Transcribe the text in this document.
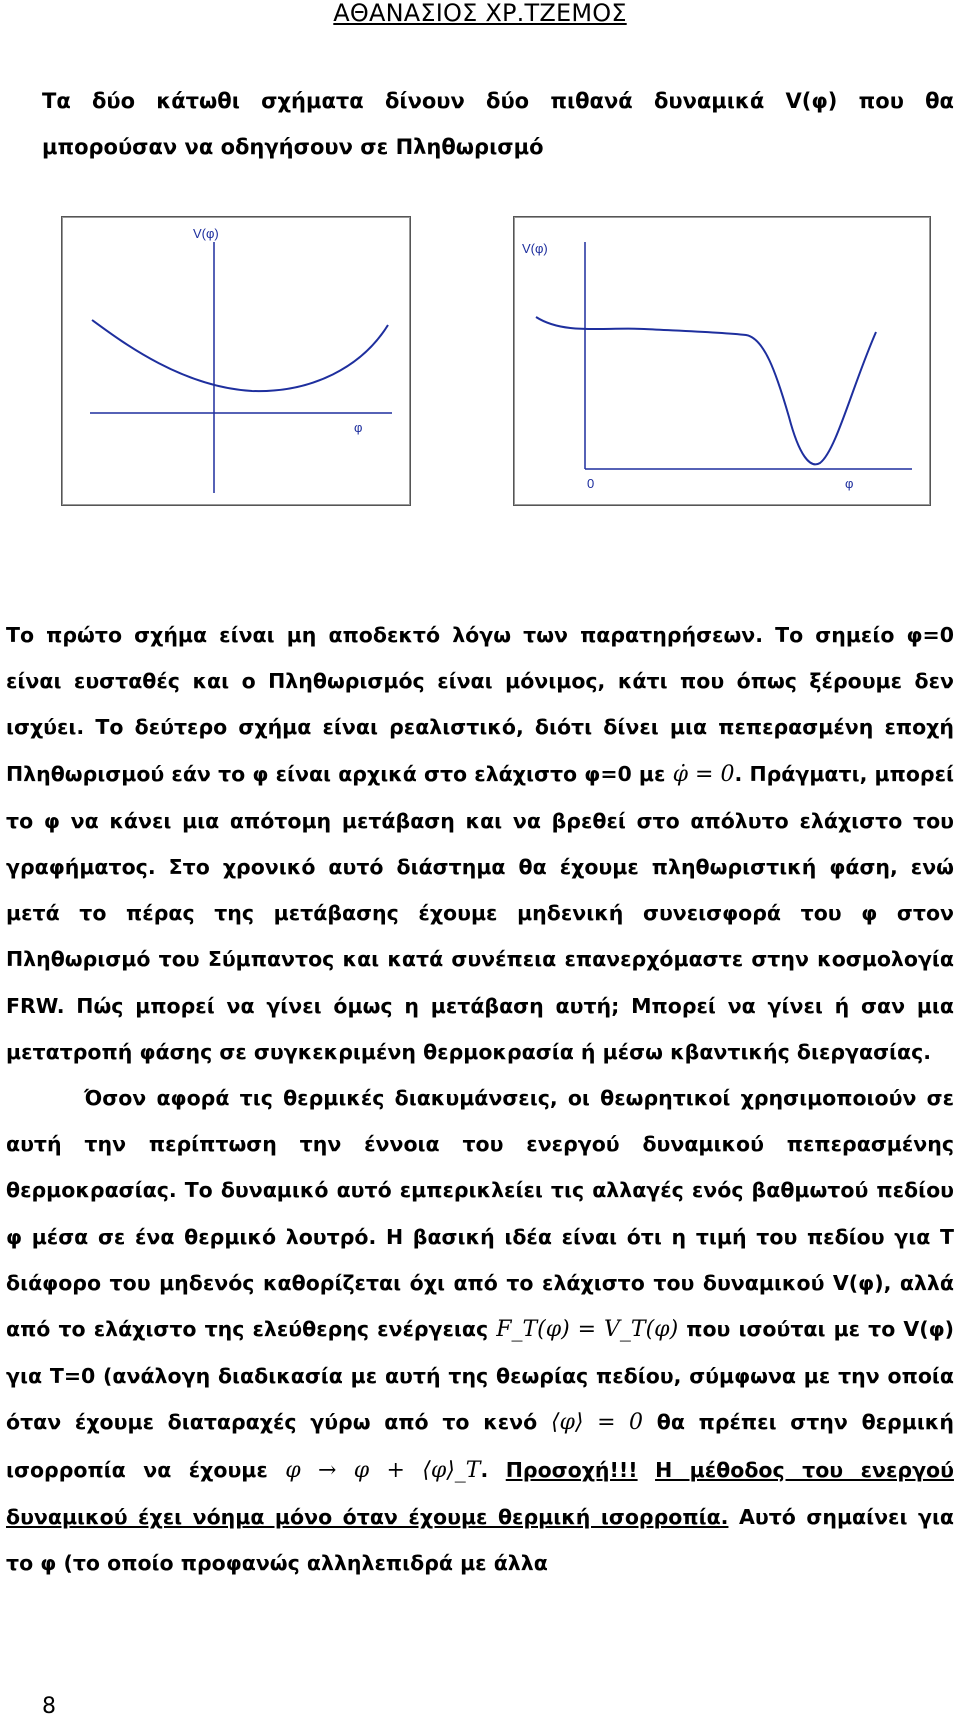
ΑΘΑΝΑΣΙΟΣ ΧΡ.ΤΖΕΜΟΣ
Τα δύο κάτωθι σχήματα δίνουν δύο πιθανά δυναμικά V(φ) που θα
μπορούσαν να οδηγήσουν σε Πληθωρισμό
V(φ)
φ
V(φ)
0	φ

Το πρώτο σχήμα είναι μη αποδεκτό λόγω των παρατηρήσεων. Το σημείο φ=0 είναι ευσταθές και ο Πληθωρισμός είναι μόνιμος, κάτι που όπως ξέρουμε δεν ισχύει. Το δεύτερο σχήμα είναι ρεαλιστικό, διότι δίνει μια πεπερασμένη εποχή Πληθωρισμού εάν το φ είναι αρχικά στο ελάχιστο φ=0 με φ̇ = 0. Πράγματι, μπορεί το φ να κάνει μια απότομη μετάβαση και να βρεθεί στο απόλυτο ελάχιστο του γραφήματος. Στο χρονικό αυτό διάστημα θα έχουμε πληθωριστική φάση, ενώ μετά το πέρας της μετάβασης έχουμε μηδενική συνεισφορά του φ στον Πληθωρισμό του Σύμπαντος και κατά συνέπεια επανερχόμαστε στην κοσμολογία FRW. Πώς μπορεί να γίνει όμως η μετάβαση αυτή; Μπορεί να γίνει ή σαν μια μετατροπή φάσης σε συγκεκριμένη θερμοκρασία ή μέσω κβαντικής διεργασίας.

Όσον αφορά τις θερμικές διακυμάνσεις, οι θεωρητικοί χρησιμοποιούν σε αυτή την περίπτωση την έννοια του ενεργού δυναμικού πεπερασμένης θερμοκρασίας. Το δυναμικό αυτό εμπερικλείει τις αλλαγές ενός βαθμωτού πεδίου φ μέσα σε ένα θερμικό λουτρό. Η βασική ιδέα είναι ότι η τιμή του πεδίου για Τ διάφορο του μηδενός καθορίζεται όχι από το ελάχιστο του δυναμικού V(φ), αλλά από το ελάχιστο της ελεύθερης ενέργειας F_T(φ) = V_T(φ) που ισούται με το V(φ) για Τ=0 (ανάλογη διαδικασία με αυτή της θεωρίας πεδίου, σύμφωνα με την οποία όταν έχουμε διαταραχές γύρω από το κενό ⟨φ⟩ = 0 θα πρέπει στην θερμική ισορροπία να έχουμε φ → φ + ⟨φ⟩_T. Προσοχή!!! Η μέθοδος του ενεργού δυναμικού έχει νόημα μόνο όταν έχουμε θερμική ισορροπία. Αυτό σημαίνει για το φ (το οποίο προφανώς αλληλεπιδρά με άλλα

8
